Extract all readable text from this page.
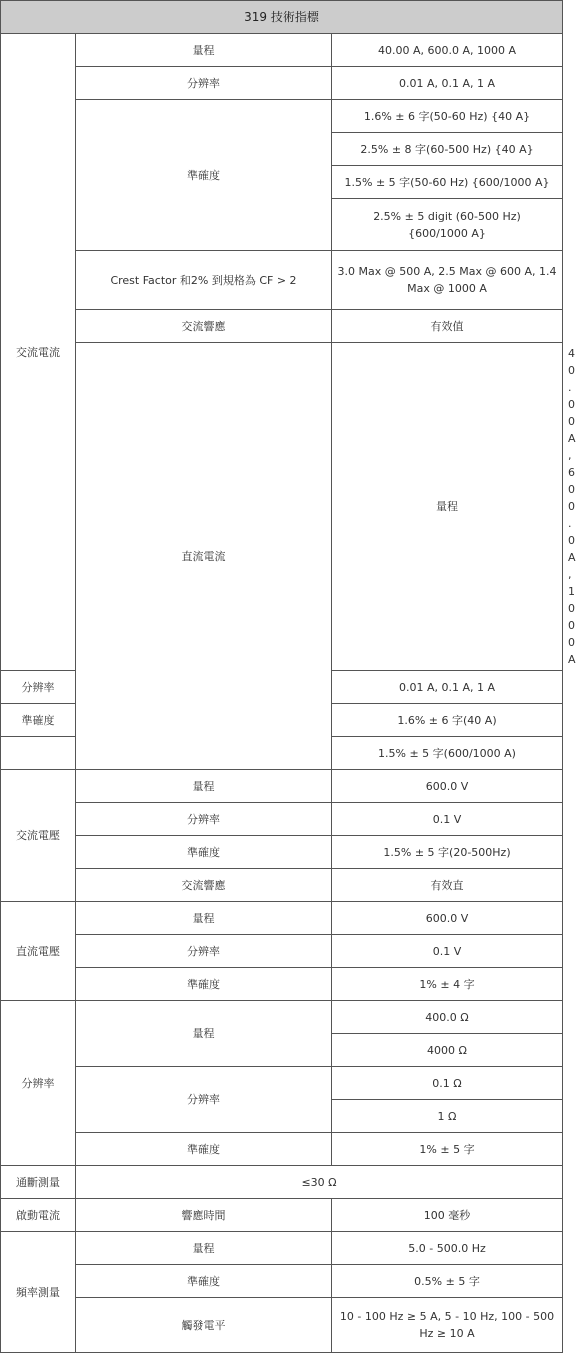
319 技術指標			
交流電流	量程	40.00 A, 600.0 A, 1000 A	
	分辨率	0.01 A, 0.1 A, 1 A	
	準確度	1.6% ± 6 字(50-60 Hz) {40 A}	
		2.5% ± 8 字(60-500 Hz) {40 A}	
		1.5% ± 5 字(50-60 Hz) {600/1000 A}	
		2.5% ± 5 digit (60-500 Hz) {600/1000 A}	
	Crest Factor 和2% 到規格為 CF > 2	3.0 Max @ 500 A, 2.5 Max @ 600 A, 1.4 Max @ 1000 A	
	交流響應	有效值	
	直流電流	量程	40.00 A, 600.0 A, 1000 A
分辨率		0.01 A, 0.1 A, 1 A	
準確度		1.6% ± 6 字(40 A)	
		1.5% ± 5 字(600/1000 A)	
交流電壓	量程	600.0 V	
	分辨率	0.1 V	
	準確度	1.5% ± 5 字(20-500Hz)	
	交流響應	有效直	
直流電壓	量程	600.0 V	
	分辨率	0.1 V	
	準確度	1% ± 4 字	
分辨率	量程	400.0 Ω	
		4000 Ω	
	分辨率	0.1 Ω	
		1 Ω	
	準確度	1% ± 5 字	
通斷測量	≤30 Ω		
啟動電流	響應時間	100 毫秒	
頻率測量	量程	5.0 - 500.0 Hz	
	準確度	0.5% ± 5 字	
	觸發電平	10 - 100 Hz ≥ 5 A, 5 - 10 Hz, 100 - 500 Hz ≥ 10 A	
